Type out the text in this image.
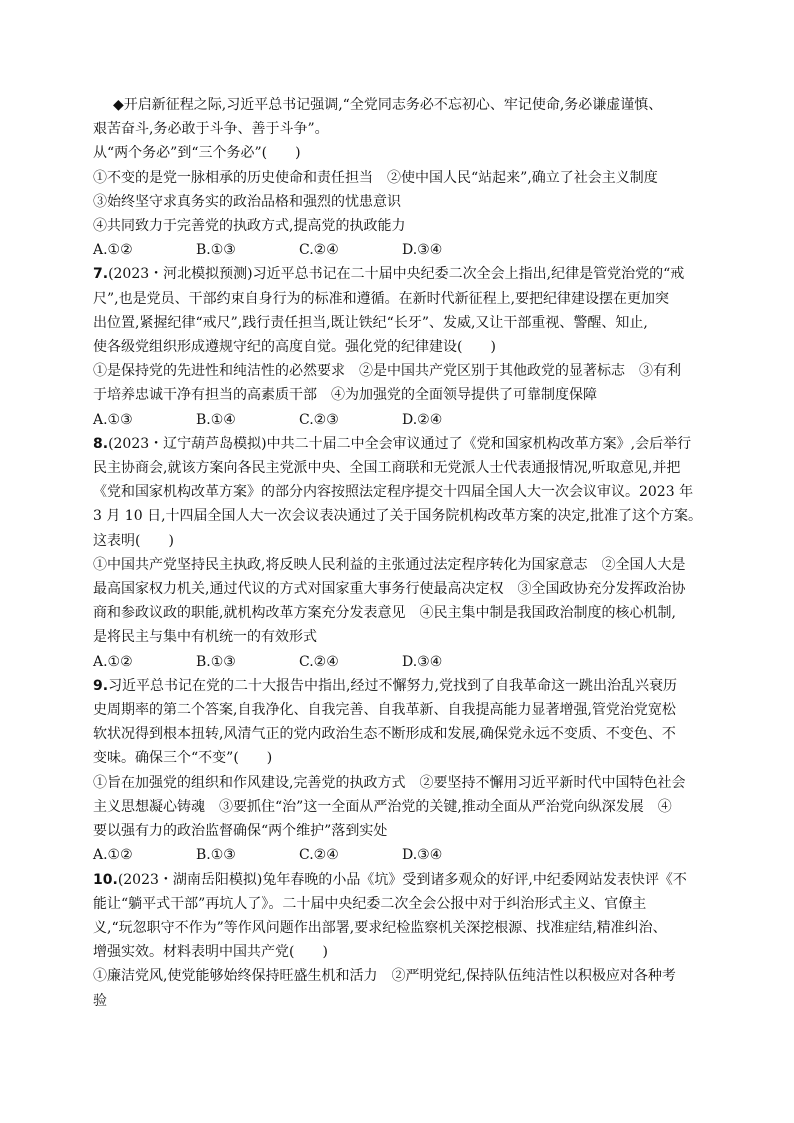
◆开启新征程之际,习近平总书记强调,“全党同志务必不忘初心、牢记使命,务必谦虚谨慎、

艰苦奋斗,务必敢于斗争、善于斗争”。

从“两个务必”到“三个务必”(　　)

①不变的是党一脉相承的历史使命和责任担当　②使中国人民“站起来”,确立了社会主义制度

③始终坚守求真务实的政治品格和强烈的忧患意识

④共同致力于完善党的执政方式,提高党的执政能力

A.①②	B.①③	C.②④	D.③④

7.(2023・河北模拟预测)习近平总书记在二十届中央纪委二次全会上指出,纪律是管党治党的“戒

尺”,也是党员、干部约束自身行为的标准和遵循。在新时代新征程上,要把纪律建设摆在更加突

出位置,紧握纪律“戒尺”,践行责任担当,既让铁纪“长牙”、发威,又让干部重视、警醒、知止,

使各级党组织形成遵规守纪的高度自觉。强化党的纪律建设(　　)

①是保持党的先进性和纯洁性的必然要求　②是中国共产党区别于其他政党的显著标志　③有利

于培养忠诚干净有担当的高素质干部　④为加强党的全面领导提供了可靠制度保障

A.①③	B.①④	C.②③	D.②④

8.(2023・辽宁葫芦岛模拟)中共二十届二中全会审议通过了《党和国家机构改革方案》,会后举行

民主协商会,就该方案向各民主党派中央、全国工商联和无党派人士代表通报情况,听取意见,并把

《党和国家机构改革方案》的部分内容按照法定程序提交十四届全国人大一次会议审议。2023 年

3 月 10 日,十四届全国人大一次会议表决通过了关于国务院机构改革方案的决定,批准了这个方案。

这表明(　　)

①中国共产党坚持民主执政,将反映人民利益的主张通过法定程序转化为国家意志　②全国人大是

最高国家权力机关,通过代议的方式对国家重大事务行使最高决定权　③全国政协充分发挥政治协

商和参政议政的职能,就机构改革方案充分发表意见　④民主集中制是我国政治制度的核心机制,

是将民主与集中有机统一的有效形式

A.①②	B.①③	C.②④	D.③④

9.习近平总书记在党的二十大报告中指出,经过不懈努力,党找到了自我革命这一跳出治乱兴衰历

史周期率的第二个答案,自我净化、自我完善、自我革新、自我提高能力显著增强,管党治党宽松

软状况得到根本扭转,风清气正的党内政治生态不断形成和发展,确保党永远不变质、不变色、不

变味。确保三个“不变”(　　)

①旨在加强党的组织和作风建设,完善党的执政方式　②要坚持不懈用习近平新时代中国特色社会

主义思想凝心铸魂　③要抓住“治”这一全面从严治党的关键,推动全面从严治党向纵深发展　④

要以强有力的政治监督确保“两个维护”落到实处

A.①②	B.①③	C.②④	D.③④

10.(2023・湖南岳阳模拟)兔年春晚的小品《坑》受到诸多观众的好评,中纪委网站发表快评《不

能让“躺平式干部”再坑人了》。二十届中央纪委二次全会公报中对于纠治形式主义、官僚主

义,“玩忽职守不作为”等作风问题作出部署,要求纪检监察机关深挖根源、找准症结,精准纠治、

增强实效。材料表明中国共产党(　　)

①廉洁党风,使党能够始终保持旺盛生机和活力　②严明党纪,保持队伍纯洁性以积极应对各种考

验
